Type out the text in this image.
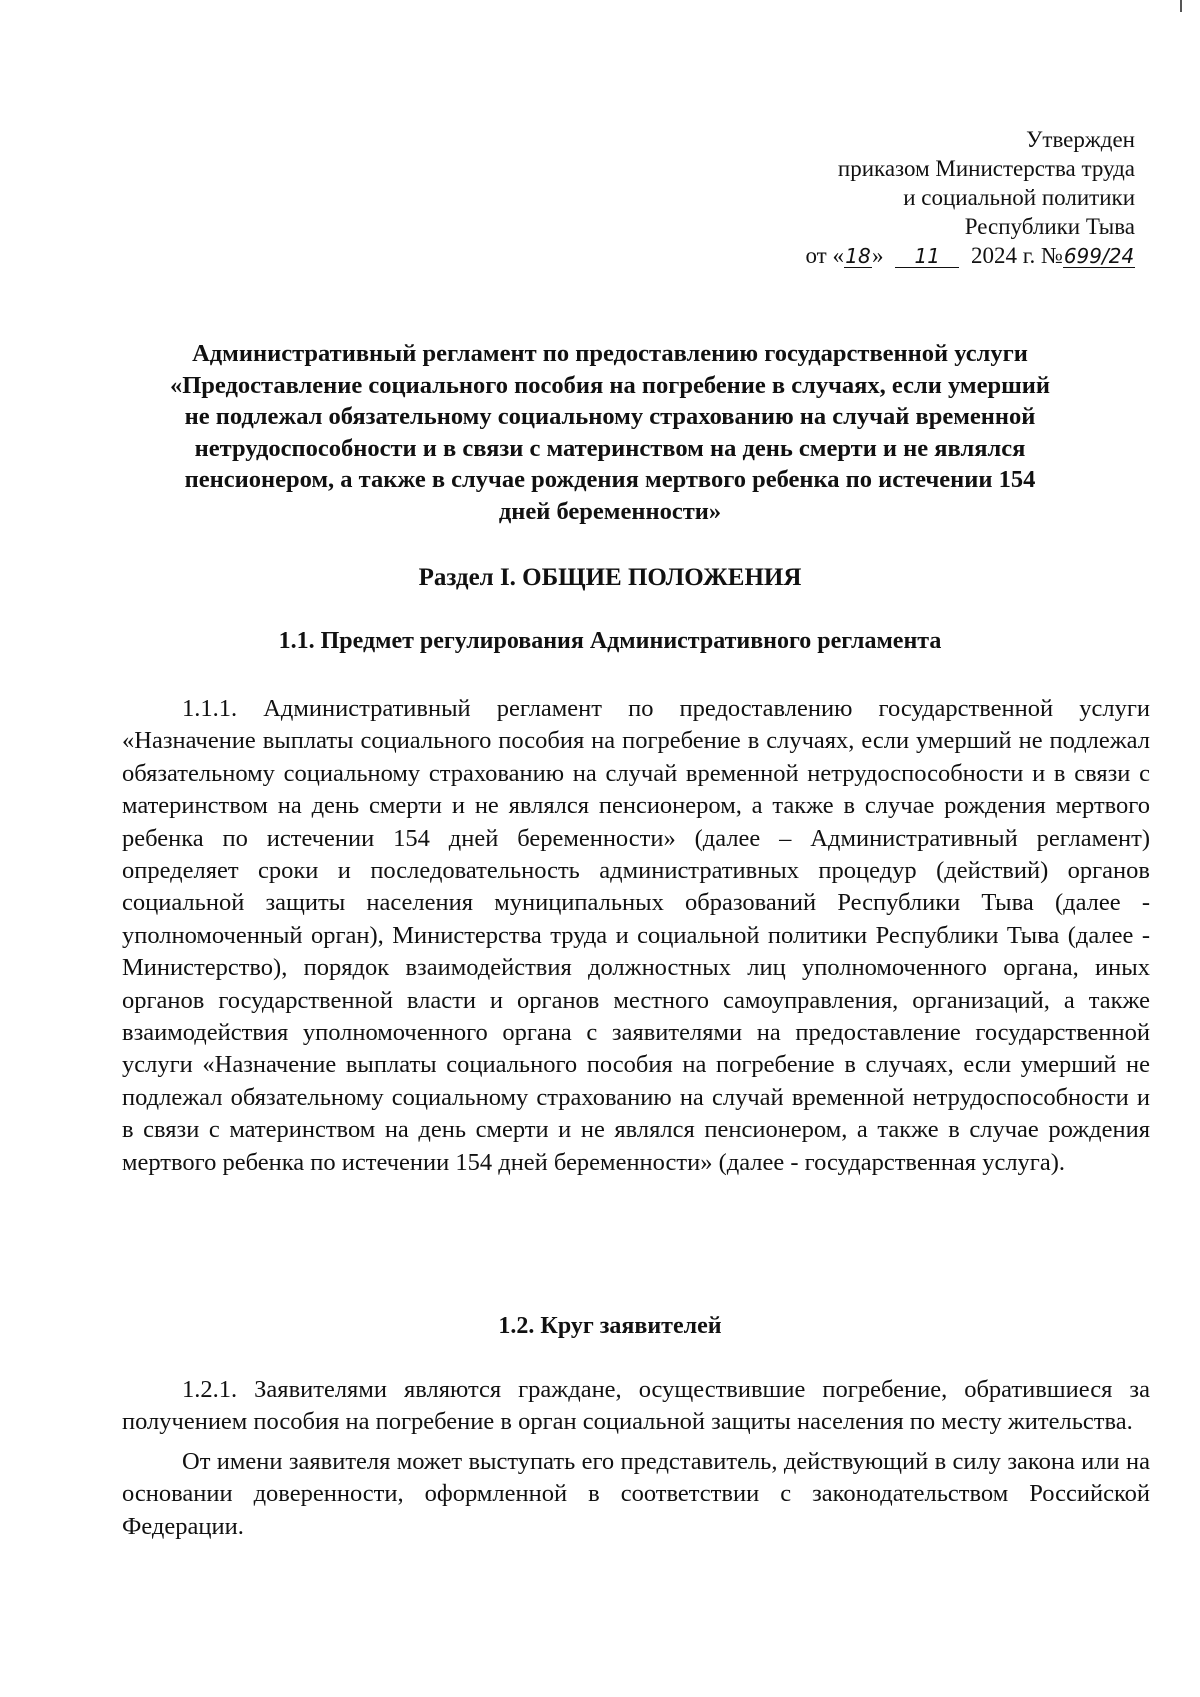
Утвержден
приказом Министерства труда
и социальной политики
Республики Тыва
от «18» 11 2024 г. №699/24
Административный регламент по предоставлению государственной услуги
«Предоставление социального пособия на погребение в случаях, если умерший
не подлежал обязательному социальному страхованию на случай временной
нетрудоспособности и в связи с материнством на день смерти и не являлся
пенсионером, а также в случае рождения мертвого ребенка по истечении 154
дней беременности»
Раздел I. ОБЩИЕ ПОЛОЖЕНИЯ
1.1. Предмет регулирования Административного регламента

1.1.1. Административный регламент по предоставлению государственной услуги «Назначение выплаты социального пособия на погребение в случаях, если умерший не подлежал обязательному социальному страхованию на случай временной нетрудоспособности и в связи с материнством на день смерти и не являлся пенсионером, а также в случае рождения мертвого ребенка по истечении 154 дней беременности» (далее – Административный регламент) определяет сроки и последовательность административных процедур (действий) органов социальной защиты населения муниципальных образований Республики Тыва (далее - уполномоченный орган), Министерства труда и социальной политики Республики Тыва (далее - Министерство), порядок взаимодействия должностных лиц уполномоченного органа, иных органов государственной власти и органов местного самоуправления, организаций, а также взаимодействия уполномоченного органа с заявителями на предоставление государственной услуги «Назначение выплаты социального пособия на погребение в случаях, если умерший не подлежал обязательному социальному страхованию на случай временной нетрудоспособности и в связи с материнством на день смерти и не являлся пенсионером, а также в случае рождения мертвого ребенка по истечении 154 дней беременности» (далее - государственная услуга).

1.2. Круг заявителей

1.2.1. Заявителями являются граждане, осуществившие погребение, обратившиеся за получением пособия на погребение в орган социальной защиты населения по месту жительства.

От имени заявителя может выступать его представитель, действующий в силу закона или на основании доверенности, оформленной в соответствии с законодательством Российской Федерации.
